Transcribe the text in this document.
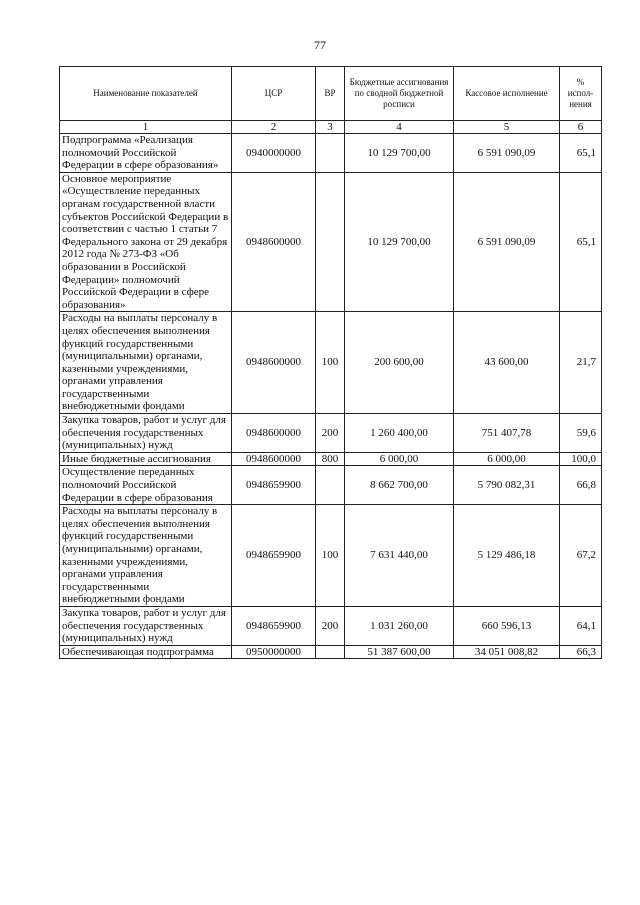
77
Наименование показателей	ЦСР	ВР	Бюджетные ассигнования по сводной бюджетной росписи	Кассовое исполнение	% испол-нения
1	2	3	4	5	6
Подпрограмма «Реализация полномочий Российской Федерации в сфере образования»	0940000000		10 129 700,00	6 591 090,09	65,1
Основное мероприятие «Осуществление переданных органам государственной власти субъектов Российской Федерации в соответствии с частью 1 статьи 7 Федерального закона от 29 декабря 2012 года № 273-ФЗ «Об образовании в Российской Федерации» полномочий Российской Федерации в сфере образования»	0948600000		10 129 700,00	6 591 090,09	65,1
Расходы на выплаты персоналу в целях обеспечения выполнения функций государственными (муниципальными) органами, казенными учреждениями, органами управления государственными внебюджетными фондами	0948600000	100	200 600,00	43 600,00	21,7
Закупка товаров, работ и услуг для обеспечения государственных (муниципальных) нужд	0948600000	200	1 260 400,00	751 407,78	59,6
Иные бюджетные ассигнования	0948600000	800	6 000,00	6 000,00	100,0
Осуществление переданных полномочий Российской Федерации в сфере образования	0948659900		8 662 700,00	5 790 082,31	66,8
Расходы на выплаты персоналу в целях обеспечения выполнения функций государственными (муниципальными) органами, казенными учреждениями, органами управления государственными внебюджетными фондами	0948659900	100	7 631 440,00	5 129 486,18	67,2
Закупка товаров, работ и услуг для обеспечения государственных (муниципальных) нужд	0948659900	200	1 031 260,00	660 596,13	64,1
Обеспечивающая подпрограмма	0950000000		51 387 600,00	34 051 008,82	66,3
